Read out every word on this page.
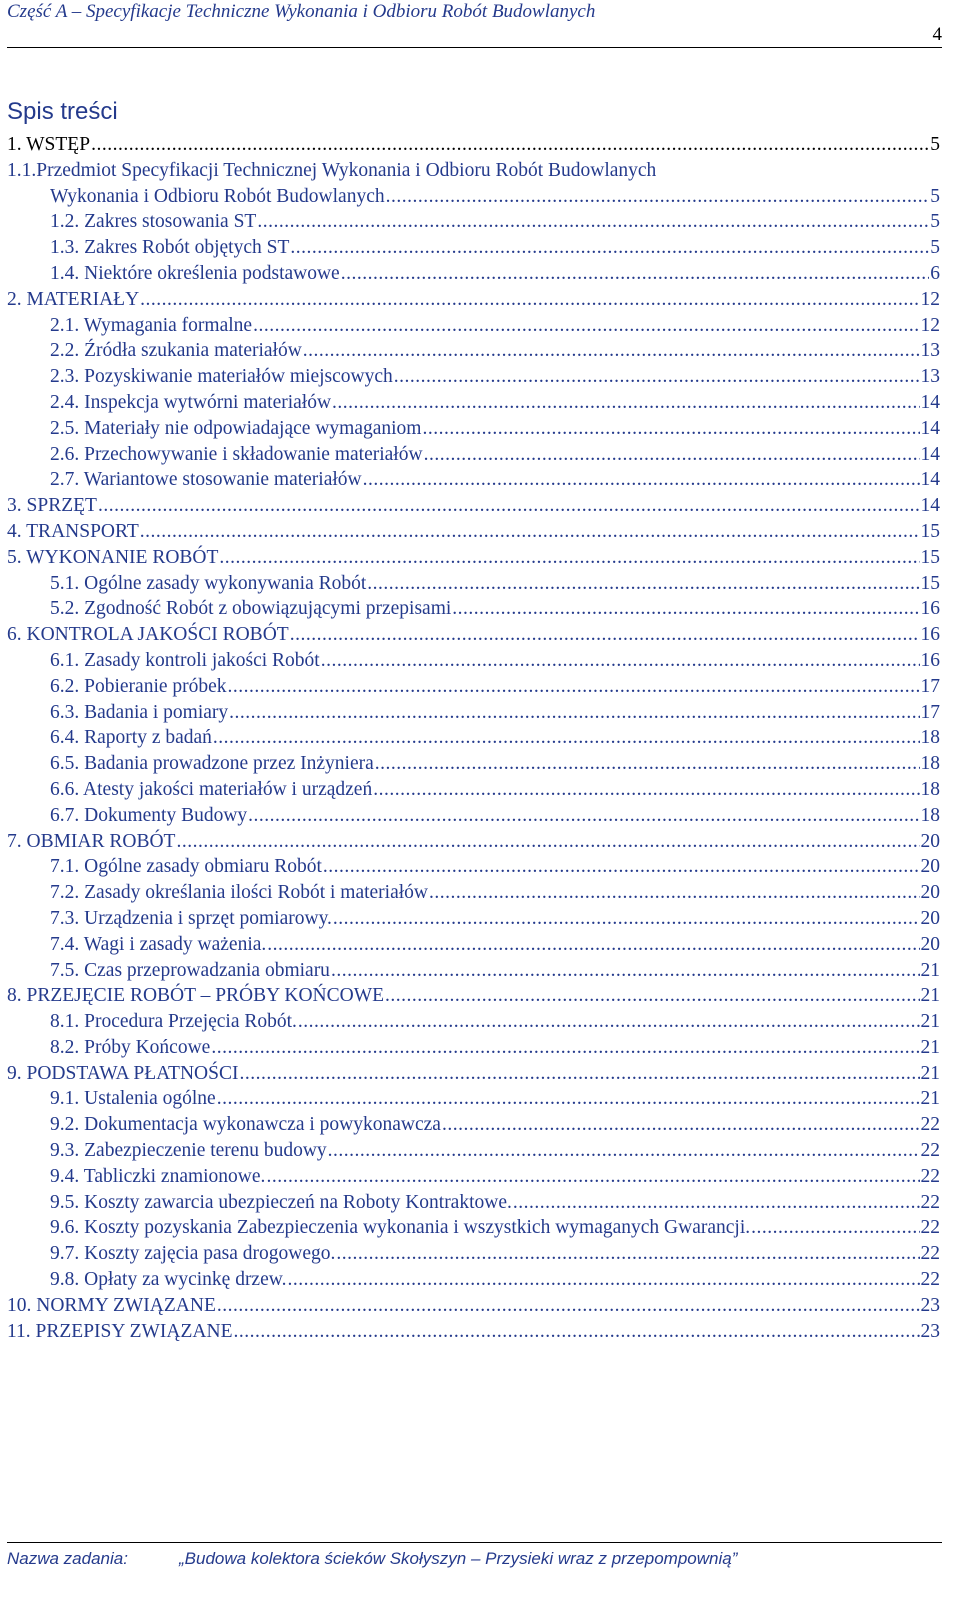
Część A – Specyfikacje Techniczne Wykonania i Odbioru Robót Budowlanych
4
Spis treści
1. WSTĘP .....	5
1.1.Przedmiot Specyfikacji Technicznej Wykonania i Odbioru Robót Budowlanych
Wykonania i Odbioru Robót Budowlanych .....	5
1.2. Zakres stosowania ST .....	5
1.3. Zakres Robót objętych ST .....	5
1.4. Niektóre określenia podstawowe .....	6
2. MATERIAŁY .....	12
2.1. Wymagania formalne .....	12
2.2. Źródła szukania materiałów .....	13
2.3. Pozyskiwanie materiałów miejscowych .....	13
2.4. Inspekcja wytwórni materiałów .....	14
2.5. Materiały nie odpowiadające wymaganiom .....	14
2.6. Przechowywanie i składowanie materiałów .....	14
2.7. Wariantowe stosowanie materiałów .....	14
3. SPRZĘT .....	14
4. TRANSPORT .....	15
5. WYKONANIE ROBÓT .....	15
5.1. Ogólne zasady wykonywania Robót .....	15
5.2. Zgodność Robót z obowiązującymi przepisami .....	16
6. KONTROLA JAKOŚCI ROBÓT .....	16
6.1. Zasady kontroli jakości Robót .....	16
6.2. Pobieranie próbek .....	17
6.3. Badania i pomiary .....	17
6.4. Raporty z badań .....	18
6.5. Badania prowadzone przez Inżyniera .....	18
6.6. Atesty jakości materiałów i urządzeń .....	18
6.7. Dokumenty Budowy .....	18
7. OBMIAR ROBÓT .....	20
7.1. Ogólne zasady obmiaru Robót .....	20
7.2. Zasady określania ilości Robót i materiałów .....	20
7.3. Urządzenia i sprzęt pomiarowy. .....	20
7.4. Wagi i zasady ważenia. .....	20
7.5. Czas przeprowadzania obmiaru .....	21
8. PRZEJĘCIE ROBÓT – PRÓBY KOŃCOWE .....	21
8.1. Procedura Przejęcia Robót. .....	21
8.2. Próby Końcowe .....	21
9. PODSTAWA PŁATNOŚCI .....	21
9.1. Ustalenia ogólne .....	21
9.2. Dokumentacja wykonawcza i powykonawcza .....	22
9.3. Zabezpieczenie terenu budowy .....	22
9.4. Tabliczki znamionowe. .....	22
9.5. Koszty zawarcia ubezpieczeń na Roboty Kontraktowe. .....	22
9.6. Koszty pozyskania Zabezpieczenia wykonania i wszystkich wymaganych Gwarancji. .....	22
9.7. Koszty zajęcia pasa drogowego. .....	22
9.8. Opłaty za wycinkę drzew. .....	22
10. NORMY ZWIĄZANE .....	23
11. PRZEPISY ZWIĄZANE .....	23
Nazwa zadania:	„Budowa kolektora ścieków Skołyszyn – Przysieki wraz z przepompownią”
